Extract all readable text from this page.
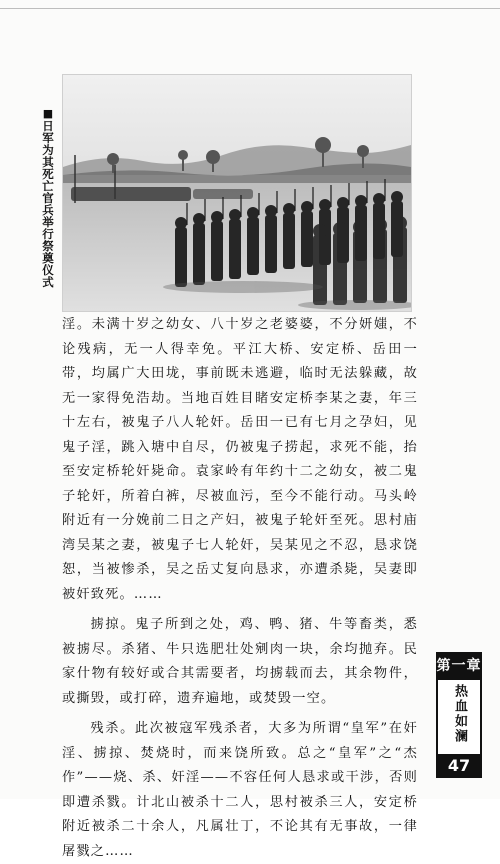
■
日军为其死亡官兵举行祭奠仪式

淫。未满十岁之幼女、八十岁之老婆婆，不分妍媸，不论残病，无一人得幸免。平江大桥、安定桥、岳田一带，均属广大田垅，事前既未逃避，临时无法躲藏，故无一家得免浩劫。当地百姓目睹安定桥李某之妻，年三十左右，被鬼子八人轮奸。岳田一已有七月之孕妇，见鬼子淫，跳入塘中自尽，仍被鬼子捞起，求死不能，抬至安定桥轮奸毙命。袁家岭有年约十二之幼女，被二鬼子轮奸，所着白裤，尽被血污，至今不能行动。马头岭附近有一分娩前二日之产妇，被鬼子轮奸至死。思村庙湾吴某之妻，被鬼子七人轮奸，吴某见之不忍，恳求饶恕，当被惨杀，吴之岳丈复向恳求，亦遭杀毙，吴妻即被奸致死。……

掳掠。鬼子所到之处，鸡、鸭、猪、牛等畜类，悉被掳尽。杀猪、牛只选肥壮处剜肉一块，余均抛弃。民家什物有较好或合其需要者，均掳载而去，其余物件，或撕毁，或打碎，遗弃遍地，或焚毁一空。

残杀。此次被寇军残杀者，大多为所谓“皇军”在奸淫、掳掠、焚烧时，而来饶所致。总之“皇军”之“杰作”——烧、杀、奸淫——不容任何人恳求或干涉，否则即遭杀戮。计北山被杀十二人，思村被杀三人，安定桥附近被杀二十余人，凡属壮丁，不论其有无事故，一律屠戮之……

第一章
热血如澜
47
